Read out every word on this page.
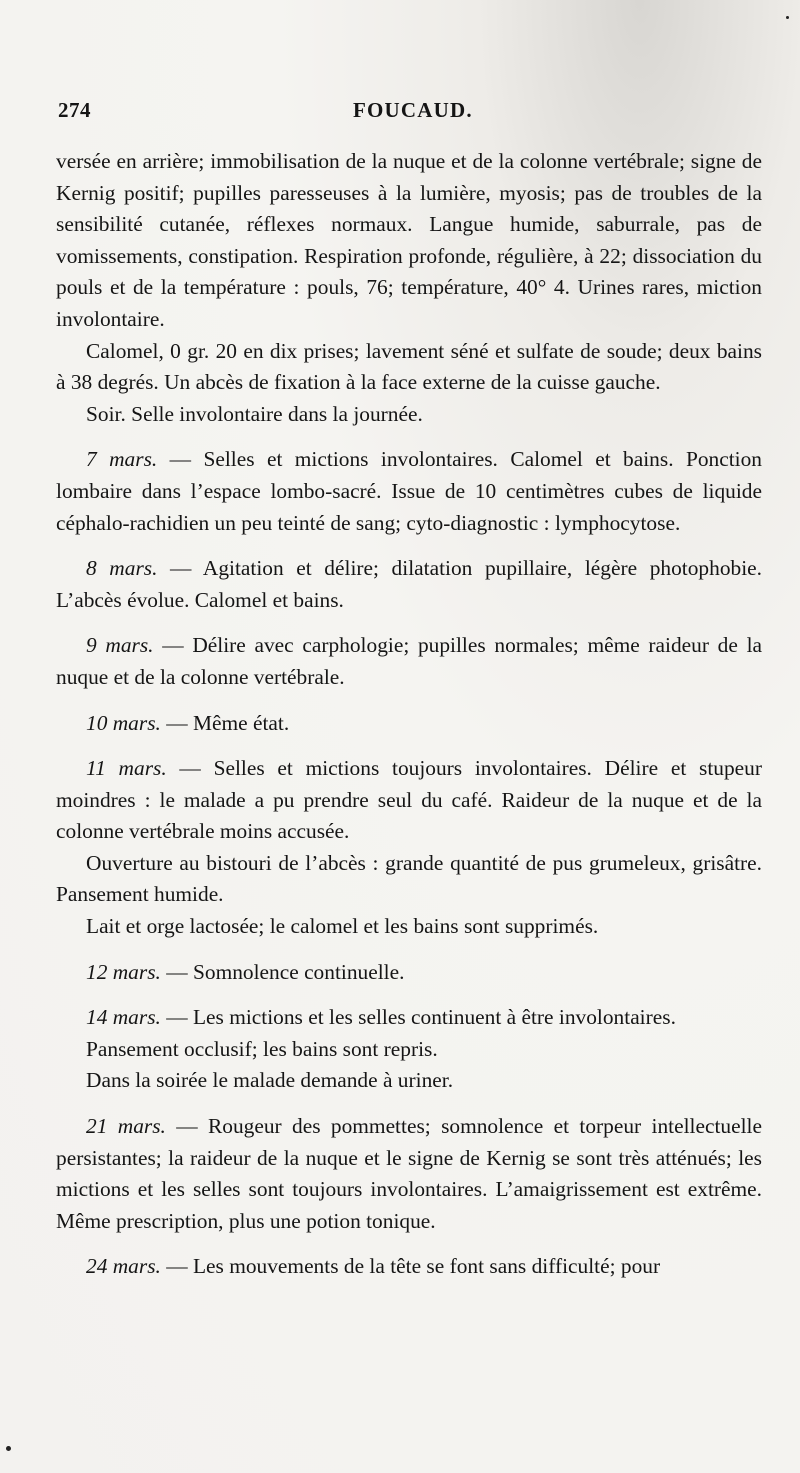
274	FOUCAUD.

versée en arrière; immobilisation de la nuque et de la colonne vertébrale; signe de Kernig positif; pupilles paresseuses à la lumière, myosis; pas de troubles de la sensibilité cutanée, réflexes normaux. Langue humide, saburrale, pas de vomissements, constipation. Respiration profonde, régulière, à 22; dissociation du pouls et de la température : pouls, 76; température, 40° 4. Urines rares, miction involontaire.

Calomel, 0 gr. 20 en dix prises; lavement séné et sulfate de soude; deux bains à 38 degrés. Un abcès de fixation à la face externe de la cuisse gauche.

Soir. Selle involontaire dans la journée.

7 mars. — Selles et mictions involontaires. Calomel et bains. Ponction lombaire dans l’espace lombo-sacré. Issue de 10 centimètres cubes de liquide céphalo-rachidien un peu teinté de sang; cyto-diagnostic : lymphocytose.

8 mars. — Agitation et délire; dilatation pupillaire, légère photophobie. L’abcès évolue. Calomel et bains.

9 mars. — Délire avec carphologie; pupilles normales; même raideur de la nuque et de la colonne vertébrale.

10 mars. — Même état.

11 mars. — Selles et mictions toujours involontaires. Délire et stupeur moindres : le malade a pu prendre seul du café. Raideur de la nuque et de la colonne vertébrale moins accusée.

Ouverture au bistouri de l’abcès : grande quantité de pus grumeleux, grisâtre. Pansement humide.

Lait et orge lactosée; le calomel et les bains sont supprimés.

12 mars. — Somnolence continuelle.

14 mars. — Les mictions et les selles continuent à être involontaires.

Pansement occlusif; les bains sont repris.

Dans la soirée le malade demande à uriner.

21 mars. — Rougeur des pommettes; somnolence et torpeur intellectuelle persistantes; la raideur de la nuque et le signe de Kernig se sont très atténués; les mictions et les selles sont toujours involontaires. L’amaigrissement est extrême. Même prescription, plus une potion tonique.

24 mars. — Les mouvements de la tête se font sans difficulté; pour
